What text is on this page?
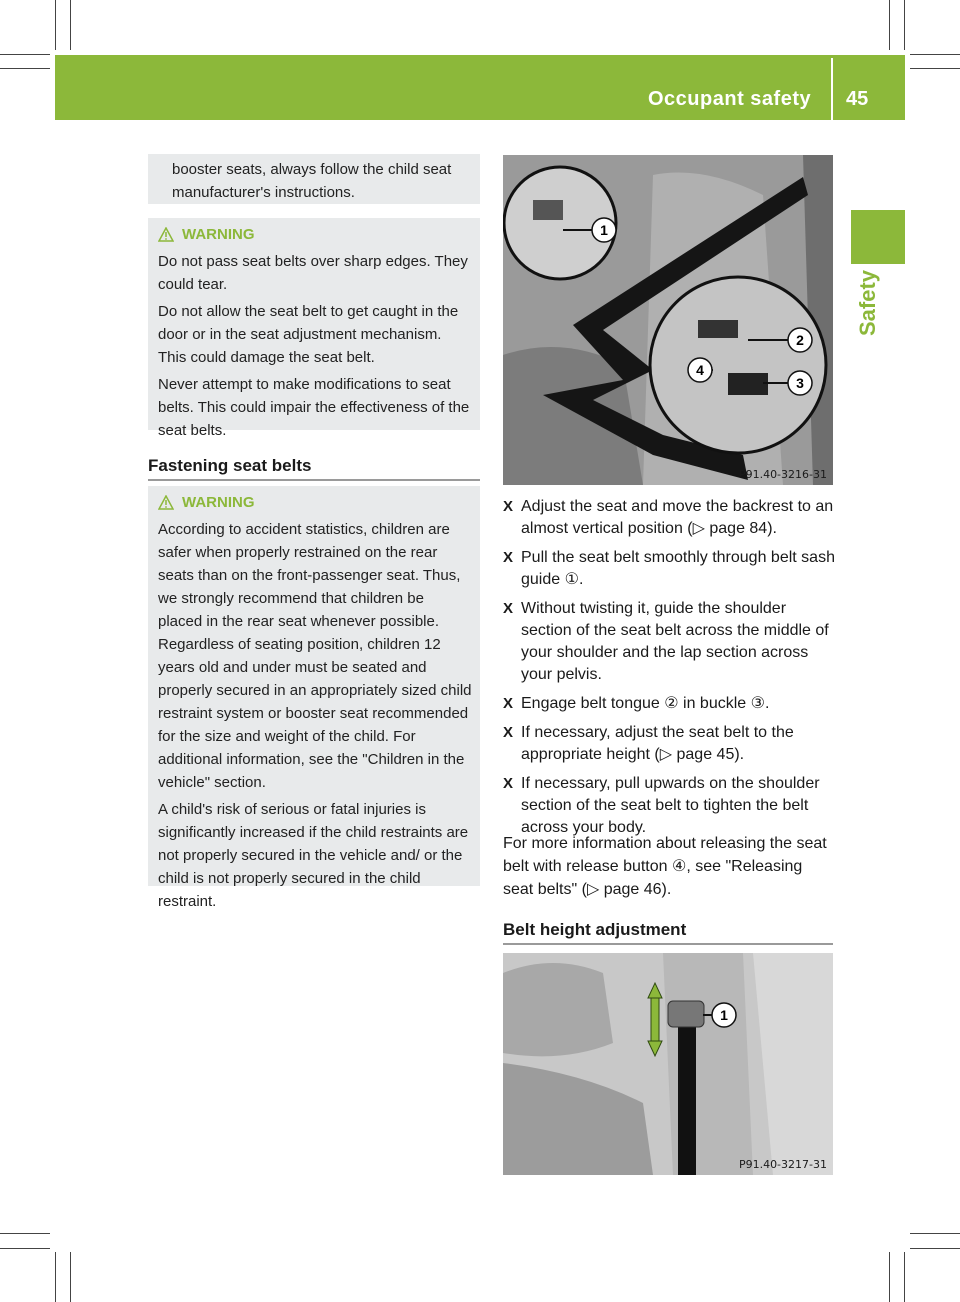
Occupant safety 45
Safety

booster seats, always follow the child seat manufacturer's instructions.

WARNING

Do not pass seat belts over sharp edges. They could tear.

Do not allow the seat belt to get caught in the door or in the seat adjustment mechanism. This could damage the seat belt.

Never attempt to make modifications to seat belts. This could impair the effectiveness of the seat belts.

Fastening seat belts
WARNING

According to accident statistics, children are safer when properly restrained on the rear seats than on the front-passenger seat. Thus, we strongly recommend that children be placed in the rear seat whenever possible. Regardless of seating position, children 12 years old and under must be seated and properly secured in an appropriately sized child restraint system or booster seat recommended for the size and weight of the child. For additional information, see the "Children in the vehicle" section.

A child's risk of serious or fatal injuries is significantly increased if the child restraints are not properly secured in the vehicle and/ or the child is not properly secured in the child restraint.

1
2
3
4
P91.40-3216-31
X Adjust the seat and move the backrest to an almost vertical position (▷ page 84).
X Pull the seat belt smoothly through belt sash guide ①.
X Without twisting it, guide the shoulder section of the seat belt across the middle of your shoulder and the lap section across your pelvis.
X Engage belt tongue ② in buckle ③.
X If necessary, adjust the seat belt to the appropriate height (▷ page 45).
X If necessary, pull upwards on the shoulder section of the seat belt to tighten the belt across your body.
For more information about releasing the seat belt with release button ④, see "Releasing seat belts" (▷ page 46).
Belt height adjustment
1
P91.40-3217-31
